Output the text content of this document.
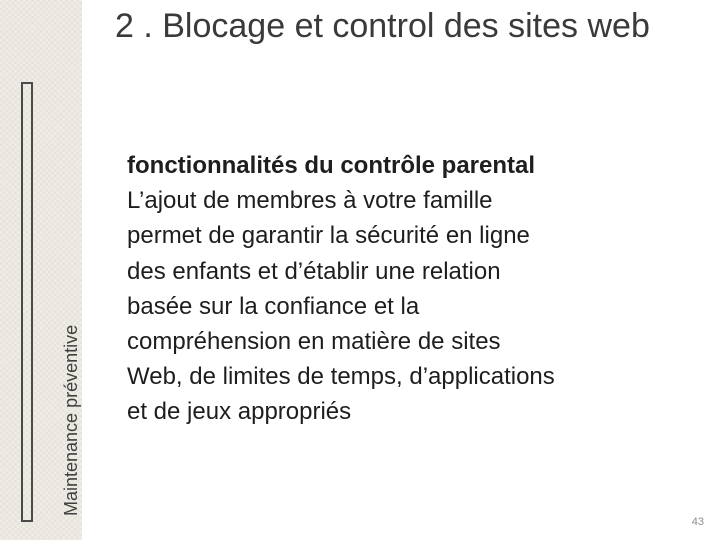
Maintenance préventive
2 . Blocage et control des sites web
fonctionnalités du contrôle parental
L’ajout de membres à votre famille
permet de garantir la sécurité en ligne
des enfants et d’établir une relation
basée sur la confiance et la
compréhension en matière de sites
Web, de limites de temps, d’applications
et de jeux appropriés
43
